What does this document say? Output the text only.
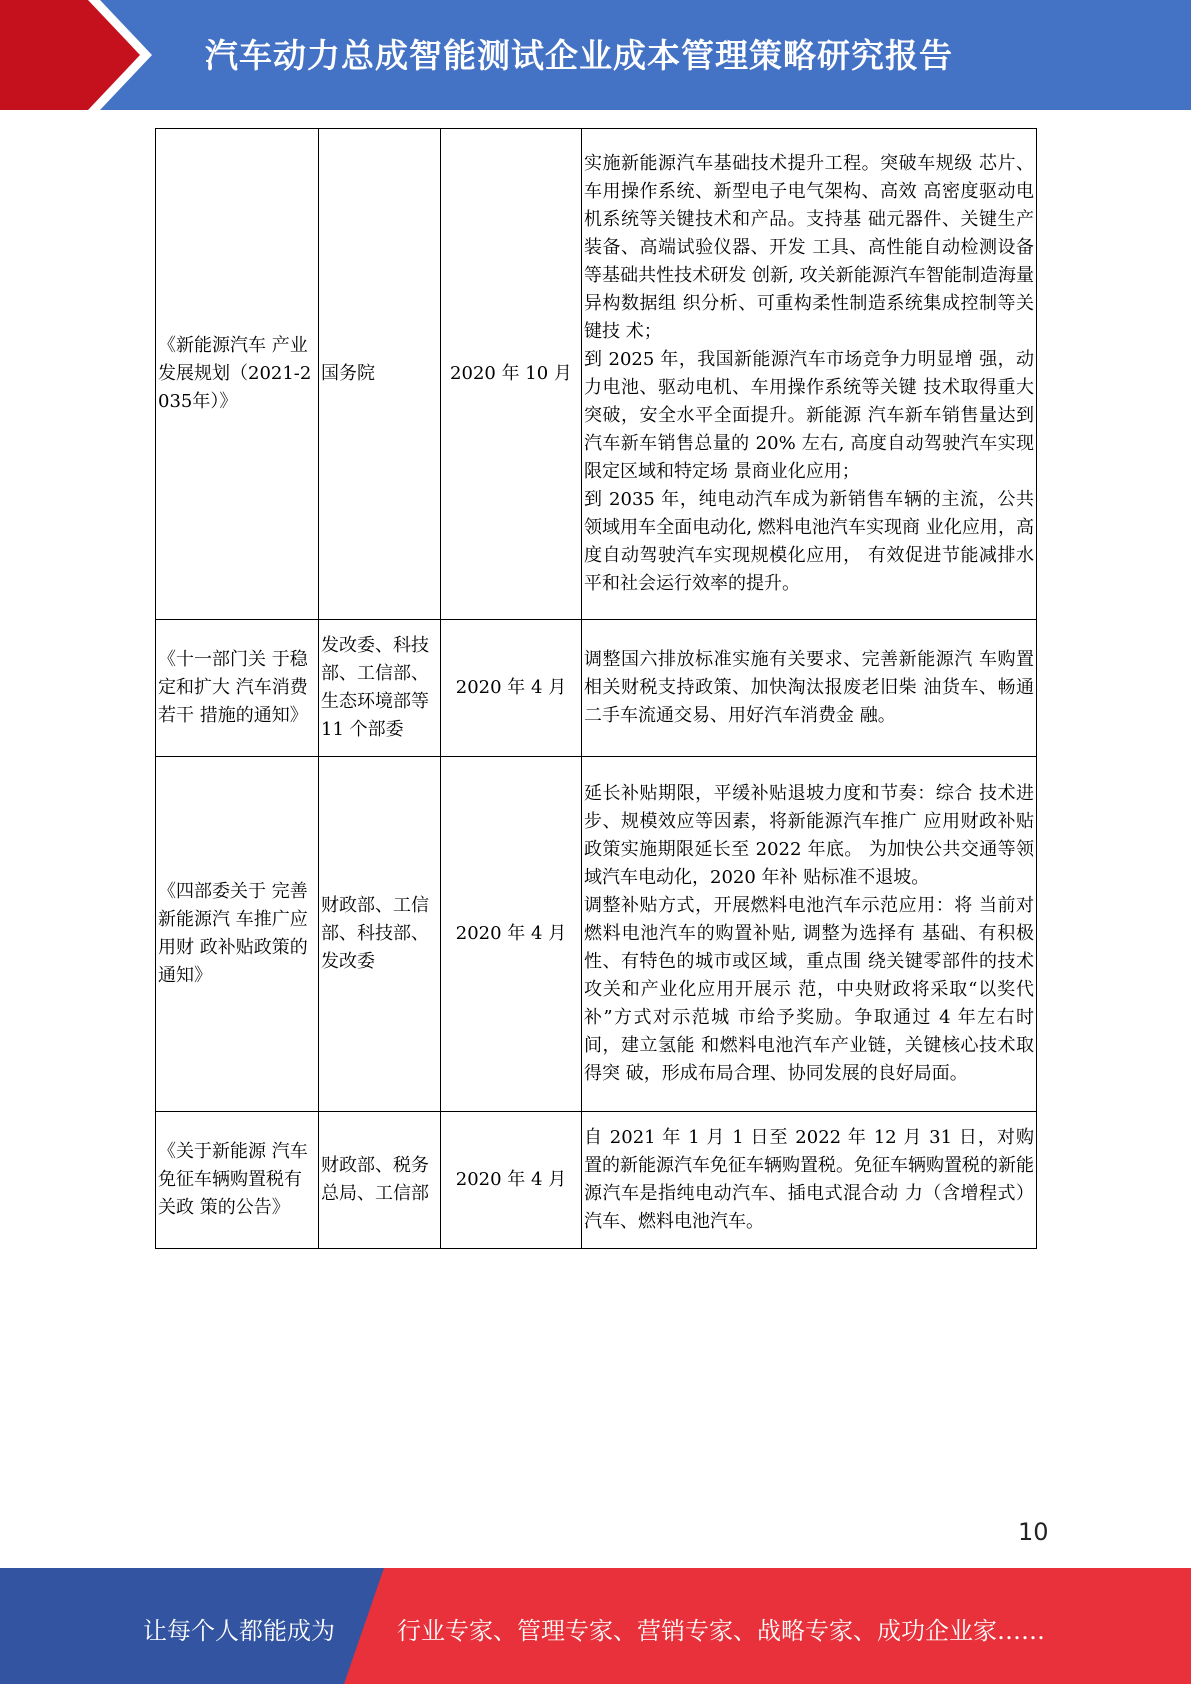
汽车动力总成智能测试企业成本管理策略研究报告
《新能源汽车 产业发展规划（2021-2035年）》	国务院	2020 年 10 月	实施新能源汽车基础技术提升工程。突破车规级 芯片、车用操作系统、新型电子电气架构、高效 高密度驱动电机系统等关键技术和产品。支持基 础元器件、关键生产装备、高端试验仪器、开发 工具、高性能自动检测设备等基础共性技术研发 创新, 攻关新能源汽车智能制造海量异构数据组 织分析、可重构柔性制造系统集成控制等关键技 术；
到 2025 年，我国新能源汽车市场竞争力明显增 强，动力电池、驱动电机、车用操作系统等关键 技术取得重大突破，安全水平全面提升。新能源 汽车新车销售量达到汽车新车销售总量的 20% 左右, 高度自动驾驶汽车实现限定区域和特定场 景商业化应用；
到 2035 年，纯电动汽车成为新销售车辆的主流，公共领域用车全面电动化, 燃料电池汽车实现商 业化应用，高度自动驾驶汽车实现规模化应用， 有效促进节能减排水平和社会运行效率的提升。

《十一部门关 于稳定和扩大 汽车消费若干 措施的通知》	发改委、科技部、工信部、生态环境部等 11 个部委	2020 年 4 月	调整国六排放标准实施有关要求、完善新能源汽 车购置相关财税支持政策、加快淘汰报废老旧柴 油货车、畅通二手车流通交易、用好汽车消费金 融。

《四部委关于 完善新能源汽 车推广应用财 政补贴政策的 通知》	财政部、工信部、科技部、发改委	2020 年 4 月	延长补贴期限，平缓补贴退坡力度和节奏：综合 技术进步、规模效应等因素，将新能源汽车推广 应用财政补贴政策实施期限延长至 2022 年底。 为加快公共交通等领域汽车电动化，2020 年补 贴标准不退坡。
调整补贴方式，开展燃料电池汽车示范应用：将 当前对燃料电池汽车的购置补贴, 调整为选择有 基础、有积极性、有特色的城市或区域，重点围 绕关键零部件的技术攻关和产业化应用开展示 范，中央财政将采取“以奖代补”方式对示范城 市给予奖励。争取通过 4 年左右时间，建立氢能 和燃料电池汽车产业链，关键核心技术取得突 破，形成布局合理、协同发展的良好局面。

《关于新能源 汽车免征车辆购置税有关政 策的公告》	财政部、税务总局、工信部	2020 年 4 月	自 2021 年 1 月 1 日至 2022 年 12 月 31 日，对购 置的新能源汽车免征车辆购置税。免征车辆购置税的新能源汽车是指纯电动汽车、插电式混合动 力（含增程式）汽车、燃料电池汽车。
10
让每个人都能成为	行业专家、管理专家、营销专家、战略专家、成功企业家……
